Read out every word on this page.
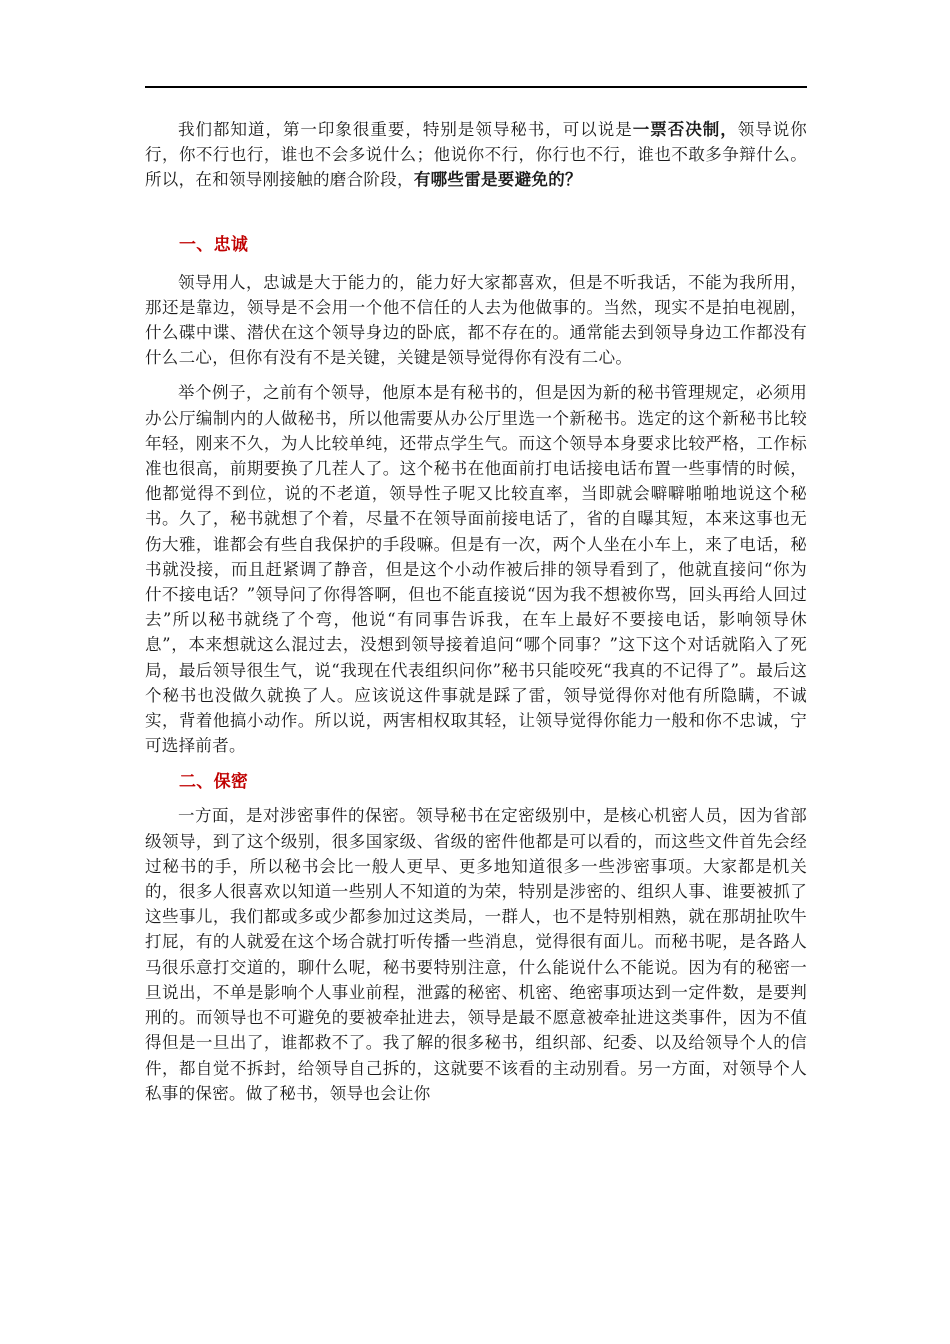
我们都知道，第一印象很重要，特别是领导秘书，可以说是一票否决制，领导说你行，你不行也行，谁也不会多说什么；他说你不行，你行也不行，谁也不敢多争辩什么。所以，在和领导刚接触的磨合阶段，有哪些雷是要避免的？

一、忠诚

领导用人，忠诚是大于能力的，能力好大家都喜欢，但是不听我话，不能为我所用，那还是靠边，领导是不会用一个他不信任的人去为他做事的。当然，现实不是拍电视剧，什么碟中谍、潜伏在这个领导身边的卧底，都不存在的。通常能去到领导身边工作都没有什么二心，但你有没有不是关键，关键是领导觉得你有没有二心。

举个例子，之前有个领导，他原本是有秘书的，但是因为新的秘书管理规定，必须用办公厅编制内的人做秘书，所以他需要从办公厅里选一个新秘书。选定的这个新秘书比较年轻，刚来不久，为人比较单纯，还带点学生气。而这个领导本身要求比较严格，工作标准也很高，前期要换了几茬人了。这个秘书在他面前打电话接电话布置一些事情的时候，他都觉得不到位，说的不老道，领导性子呢又比较直率，当即就会噼噼啪啪地说这个秘书。久了，秘书就想了个着，尽量不在领导面前接电话了，省的自曝其短，本来这事也无伤大雅，谁都会有些自我保护的手段嘛。但是有一次，两个人坐在小车上，来了电话，秘书就没接，而且赶紧调了静音，但是这个小动作被后排的领导看到了，他就直接问“你为什不接电话？”领导问了你得答啊，但也不能直接说“因为我不想被你骂，回头再给人回过去”所以秘书就绕了个弯，他说“有同事告诉我，在车上最好不要接电话，影响领导休息”，本来想就这么混过去，没想到领导接着追问“哪个同事？”这下这个对话就陷入了死局，最后领导很生气，说“我现在代表组织问你”秘书只能咬死“我真的不记得了”。最后这个秘书也没做久就换了人。应该说这件事就是踩了雷，领导觉得你对他有所隐瞒，不诚实，背着他搞小动作。所以说，两害相权取其轻，让领导觉得你能力一般和你不忠诚，宁可选择前者。

二、保密

一方面，是对涉密事件的保密。领导秘书在定密级别中，是核心机密人员，因为省部级领导，到了这个级别，很多国家级、省级的密件他都是可以看的，而这些文件首先会经过秘书的手，所以秘书会比一般人更早、更多地知道很多一些涉密事项。大家都是机关的，很多人很喜欢以知道一些别人不知道的为荣，特别是涉密的、组织人事、谁要被抓了这些事儿，我们都或多或少都参加过这类局，一群人，也不是特别相熟，就在那胡扯吹牛打屁，有的人就爱在这个场合就打听传播一些消息，觉得很有面儿。而秘书呢，是各路人马很乐意打交道的，聊什么呢，秘书要特别注意，什么能说什么不能说。因为有的秘密一旦说出，不单是影响个人事业前程，泄露的秘密、机密、绝密事项达到一定件数，是要判刑的。而领导也不可避免的要被牵扯进去，领导是最不愿意被牵扯进这类事件，因为不值得但是一旦出了，谁都救不了。我了解的很多秘书，组织部、纪委、以及给领导个人的信件，都自觉不拆封，给领导自己拆的，这就要不该看的主动别看。另一方面，对领导个人私事的保密。做了秘书，领导也会让你
